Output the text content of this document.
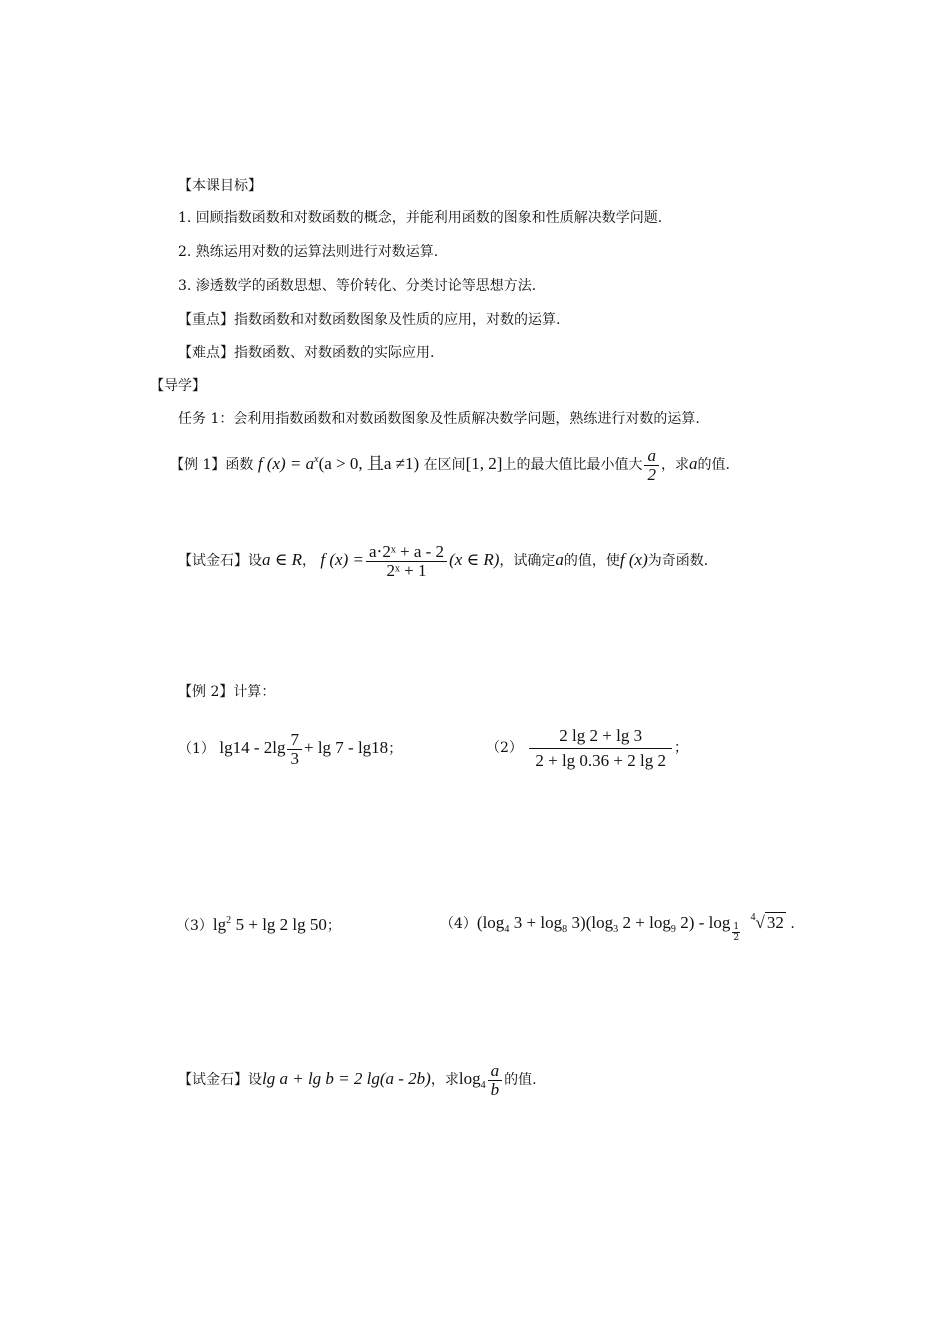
【本课目标】
1. 回顾指数函数和对数函数的概念，并能利用函数的图象和性质解决数学问题.
2. 熟练运用对数的运算法则进行对数运算.
3. 渗透数学的函数思想、等价转化、分类讨论等思想方法.
【重点】指数函数和对数函数图象及性质的应用，对数的运算.
【难点】指数函数、对数函数的实际应用.
【导学】
任务 1：会利用指数函数和对数函数图象及性质解决数学问题，熟练进行对数的运算.
【例 1】函数 f $(x) = a^x(a > 0$, 且a ≠1) 在区间[1, 2]上的最大值比最小值大 $\frac{a}{2}$ ，求a的值.
【试金石】设a ∈ R， f $(x) = \frac{\text{a⋅2ˣ + a - 2}}{\text{2ˣ + 1}} (x$ ∈ R)，试确定a的值，使f (x)为奇函数.
【例 2】计算：
（1） $\lg 14 - 2\lg \frac{7}{3} + \lg 7 - \lg 18$；	$(2) \frac{2 \lg 2 + \lg 3}{2 + \lg 0.36 + 2 \lg 2}$ ；
$(3)\lg^2$ 5 + lg 2 lg 50；	$(4)(\log_4$ $3 + \log_8 3)(\log_3$ $2 + \log_9 2) - \log \frac{1}{2}$
$^4$√ 32 .
【试金石】设lg a + lg b = 2 lg(a - 2b)，求$\log_4 \frac{a}{b}$ 的值.
